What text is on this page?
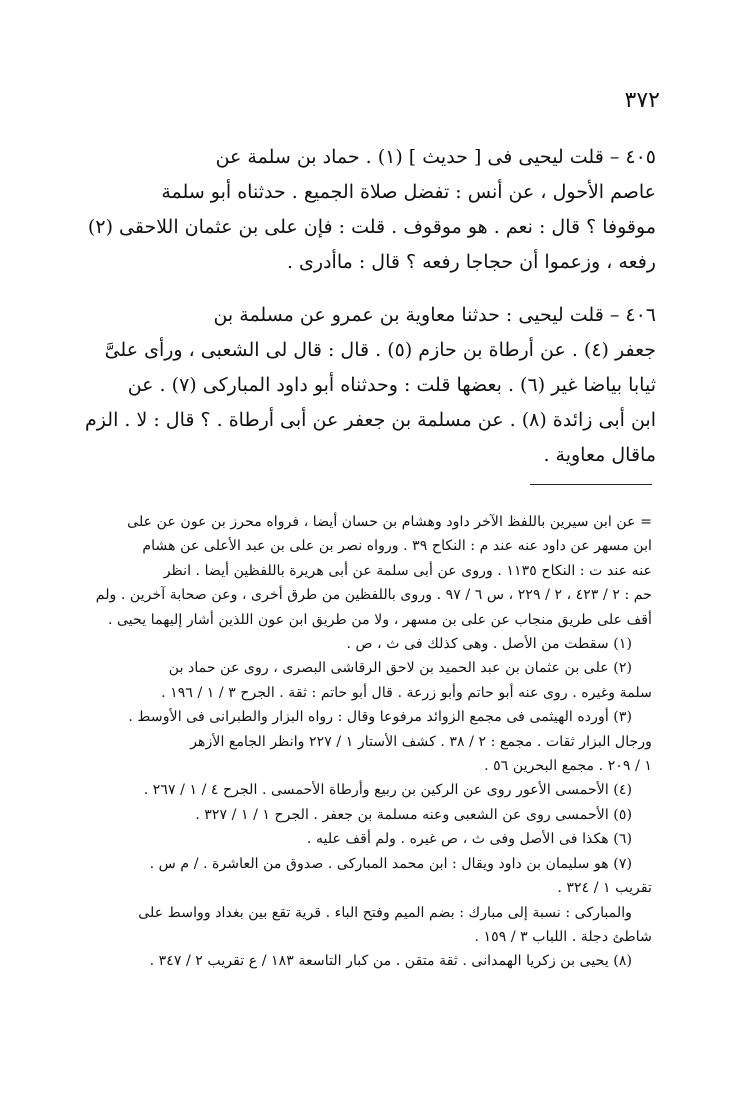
٣٧٢
٤٠٥ – قلت ليحيى فى [ حديث ] (١) . حماد بن سلمة عن
عاصم الأحول ، عن أنس : تفضل صلاة الجميع . حدثناه أبو سلمة
موقوفا ؟ قال : نعم . هو موقوف . قلت : فإن على بن عثمان اللاحقى (٢)
رفعه ، وزعموا أن حجاجا رفعه ؟ قال : ماأدرى .
٤٠٦ – قلت ليحيى : حدثنا معاوية بن عمرو عن مسلمة بن
جعفر (٤) . عن أرطاة بن حازم (٥) . قال : قال لى الشعبى ، ورأى علىَّ
ثيابا بياضا غير (٦) . بعضها قلت : وحدثناه أبو داود المباركى (٧) . عن
ابن أبى زائدة (٨) . عن مسلمة بن جعفر عن أبى أرطاة . ؟ قال : لا . الزم
ماقال معاوية .
= عن ابن سيرين باللفظ الآخر داود وهشام بن حسان أيضا ، فرواه محرز بن عون عن على
ابن مسهر عن داود عنه عند م : النكاح ٣٩ . ورواه نصر بن على بن عبد الأعلى عن هشام
عنه عند ت : النكاح ١١٣٥ . وروى عن أبى سلمة عن أبى هريرة باللفظين أيضا . انظر
حم : ٢ / ٤٢٣ ، ٢ / ٢٢٩ ، س ٦ / ٩٧ . وروى باللفظين من طرق أخرى ، وعن صحابة آخرين . ولم
أقف على طريق منجاب عن على بن مسهر ، ولا من طريق ابن عون اللذين أشار إليهما يحيى .
(١) سقطت من الأصل . وهى كذلك فى ث ، ص .
(٢) على بن عثمان بن عبد الحميد بن لاحق الرقاشى البصرى ، روى عن حماد بن
سلمة وغيره . روى عنه أبو حاتم وأبو زرعة . قال أبو حاتم : ثقة . الجرح ٣ / ١ / ١٩٦ .
(٣) أورده الهيثمى فى مجمع الزوائد مرفوعا وقال : رواه البزار والطبرانى فى الأوسط .
ورجال البزار ثقات . مجمع : ٢ / ٣٨ . كشف الأستار ١ / ٢٢٧ وانظر الجامع الأزهر
١ / ٢٠٩ . مجمع البحرين ٥٦ .
(٤) الأحمسى الأعور روى عن الركين بن ربيع وأرطاة الأحمسى . الجرح ٤ / ١ / ٢٦٧ .
(٥) الأحمسى روى عن الشعبى وعنه مسلمة بن جعفر . الجرح ١ / ١ / ٣٢٧ .
(٦) هكذا فى الأصل وفى ث ، ص غيره . ولم أقف عليه .
(٧) هو سليمان بن داود ويقال : ابن محمد المباركى . صدوق من العاشرة . / م س .
تقريب ١ / ٣٢٤ .
والمباركى : نسبة إلى مبارك : بضم الميم وفتح الباء . قرية تقع بين بغداد وواسط على
شاطئ دجلة . اللباب ٣ / ١٥٩ .
(٨) يحيى بن زكريا الهمدانى . ثقة متقن . من كبار التاسعة ١٨٣ / ع تقريب ٢ / ٣٤٧ .
